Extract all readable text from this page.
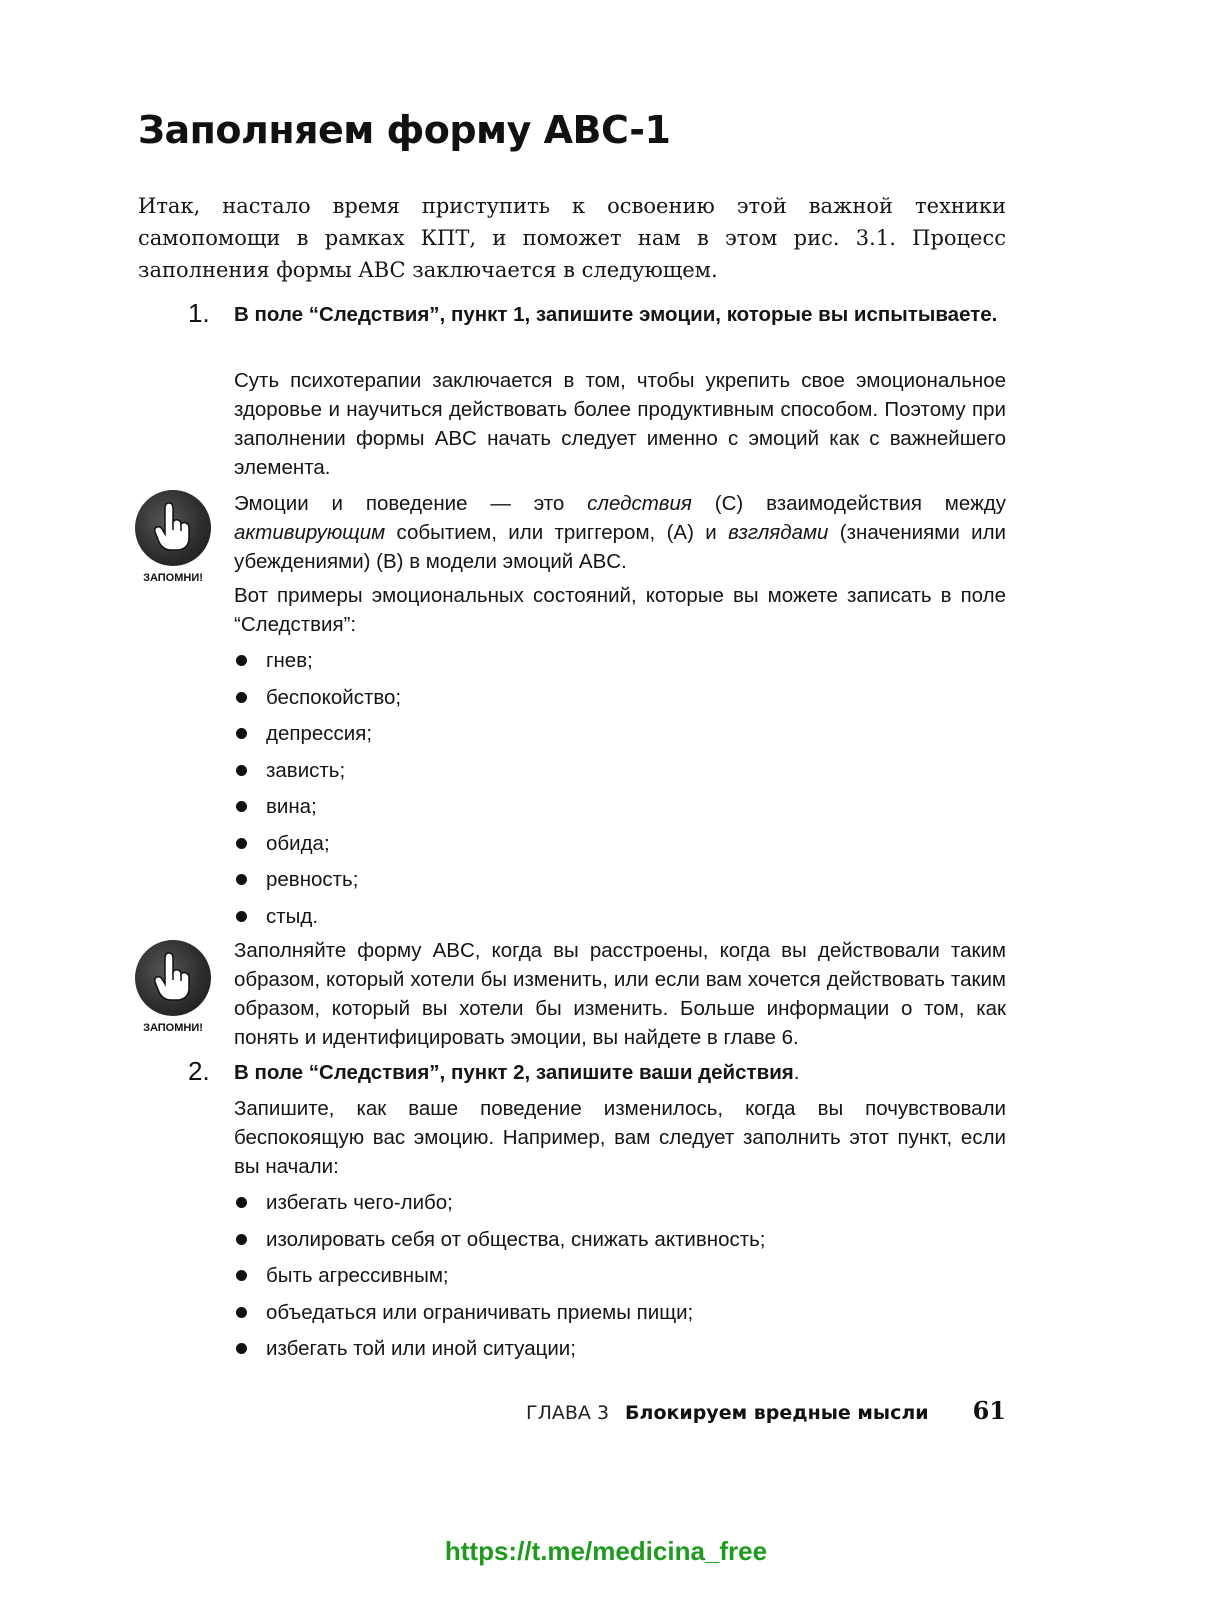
Заполняем форму ABC-1
Итак, настало время приступить к освоению этой важной техники самопомощи в рамках КПТ, и поможет нам в этом рис. 3.1. Процесс заполнения формы ABC заключается в следующем.
1. В поле “Следствия”, пункт 1, запишите эмоции, которые вы испытываете.
Суть психотерапии заключается в том, чтобы укрепить свое эмоциональное здоровье и научиться действовать более продуктивным способом. Поэтому при заполнении формы ABC начать следует именно с эмоций как с важнейшего элемента.
ЗАПОМНИ!
Эмоции и поведение — это следствия (C) взаимодействия между активирующим событием, или триггером, (A) и взглядами (значениями или убеждениями) (B) в модели эмоций ABC.
Вот примеры эмоциональных состояний, которые вы можете записать в поле “Следствия”:
гнев;
беспокойство;
депрессия;
зависть;
вина;
обида;
ревность;
стыд.
ЗАПОМНИ!
Заполняйте форму ABC, когда вы расстроены, когда вы действовали таким образом, который хотели бы изменить, или если вам хочется действовать таким образом, который вы хотели бы изменить. Больше информации о том, как понять и идентифицировать эмоции, вы найдете в главе 6.
2. В поле “Следствия”, пункт 2, запишите ваши действия.
Запишите, как ваше поведение изменилось, когда вы почувствовали беспокоящую вас эмоцию. Например, вам следует заполнить этот пункт, если вы начали:
избегать чего-либо;
изолировать себя от общества, снижать активность;
быть агрессивным;
объедаться или ограничивать приемы пищи;
избегать той или иной ситуации;
ГЛАВА 3 Блокируем вредные мысли 61
https://t.me/medicina_free
